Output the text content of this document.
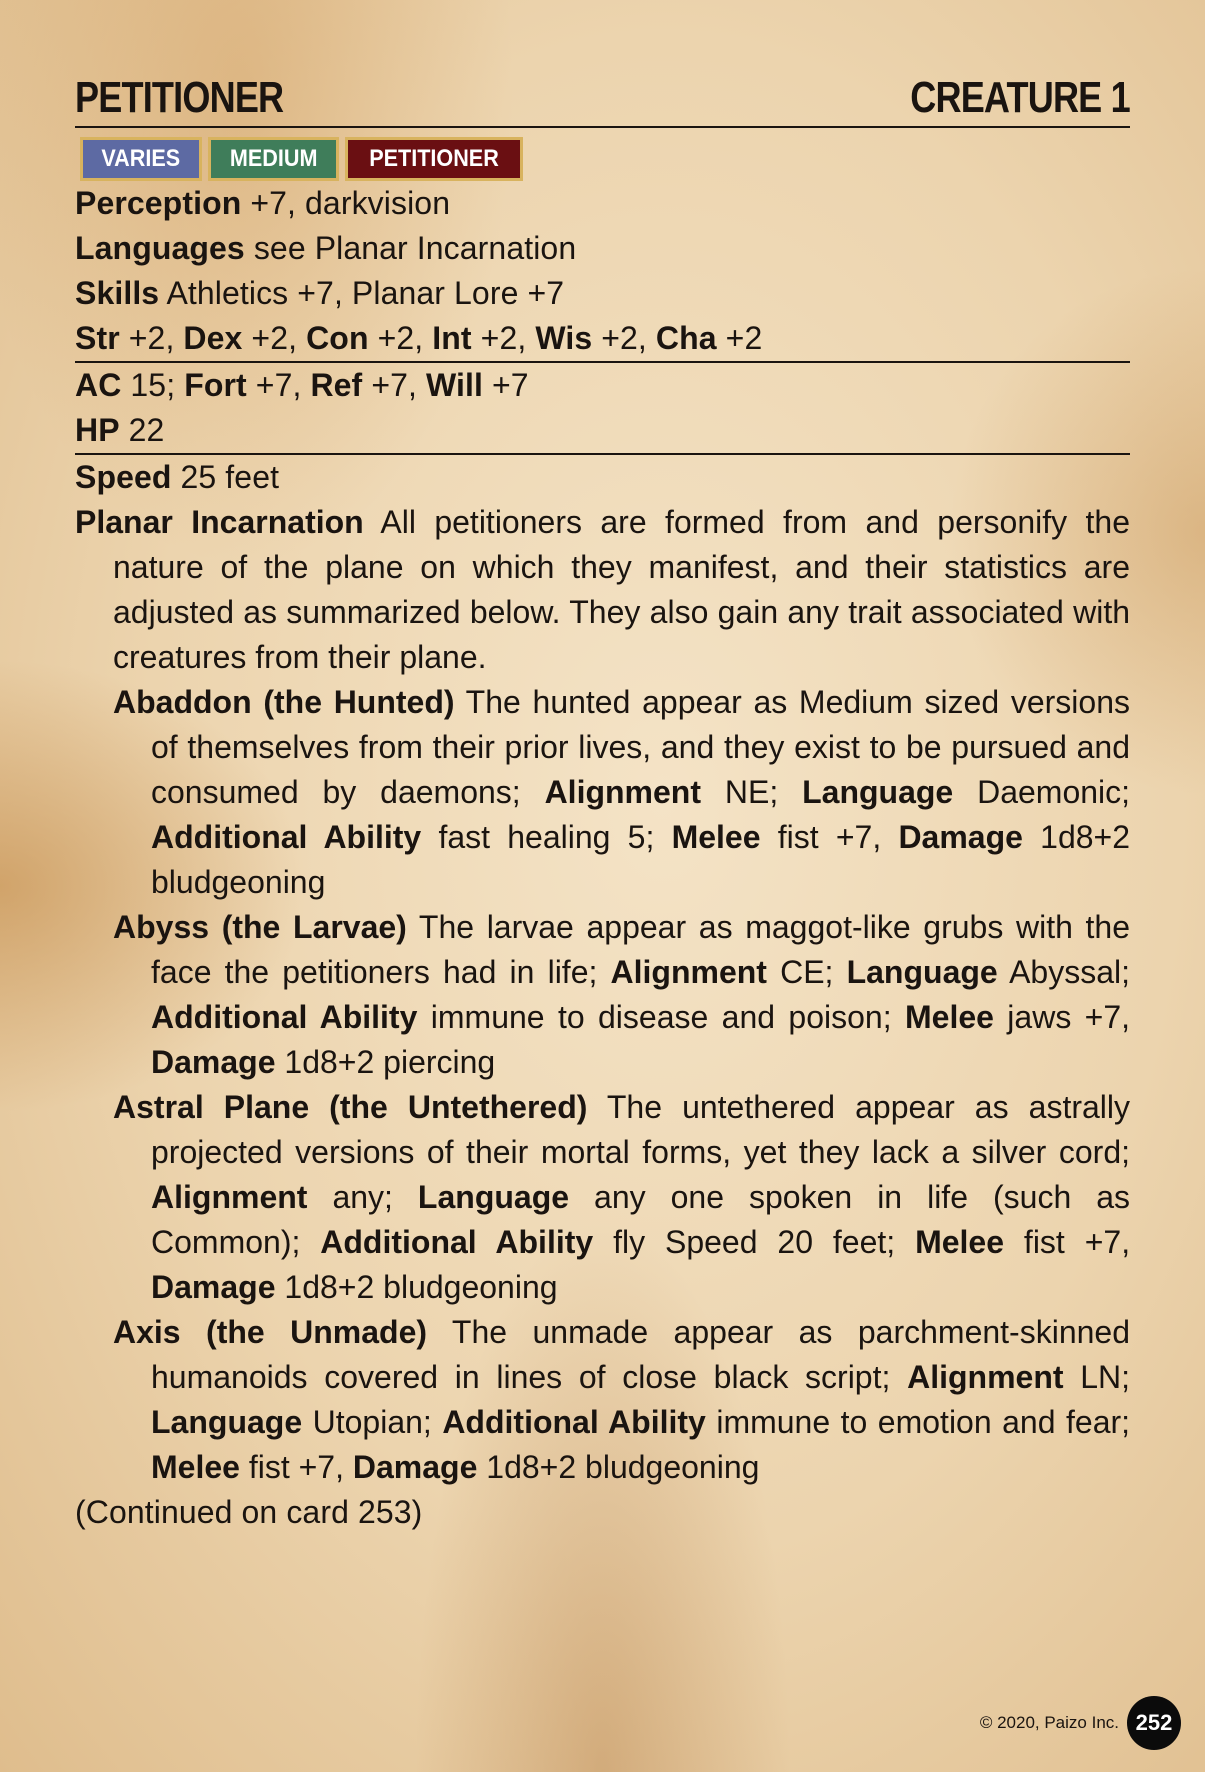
PETITIONER	CREATURE 1
VARIES MEDIUM PETITIONER

Perception +7, darkvision

Languages see Planar Incarnation

Skills Athletics +7, Planar Lore +7

Str +2, Dex +2, Con +2, Int +2, Wis +2, Cha +2

AC 15; Fort +7, Ref +7, Will +7

HP 22

Speed 25 feet

Planar Incarnation All petitioners are formed from and personify the nature of the plane on which they manifest, and their statistics are adjusted as summarized below. They also gain any trait associated with creatures from their plane.

Abaddon (the Hunted) The hunted appear as Medium sized versions of themselves from their prior lives, and they exist to be pursued and consumed by daemons; Alignment NE; Language Daemonic; Additional Ability fast healing 5; Melee fist +7, Damage 1d8+2 bludgeoning

Abyss (the Larvae) The larvae appear as maggot-like grubs with the face the petitioners had in life; Alignment CE; Language Abyssal; Additional Ability immune to disease and poison; Melee jaws +7, Damage 1d8+2 piercing

Astral Plane (the Untethered) The untethered appear as astrally projected versions of their mortal forms, yet they lack a silver cord; Alignment any; Language any one spoken in life (such as Common); Additional Ability fly Speed 20 feet; Melee fist +7, Damage 1d8+2 bludgeoning

Axis (the Unmade) The unmade appear as parchment-skinned humanoids covered in lines of close black script; Alignment LN; Language Utopian; Additional Ability immune to emotion and fear; Melee fist +7, Damage 1d8+2 bludgeoning

(Continued on card 253)

© 2020, Paizo Inc. 252
